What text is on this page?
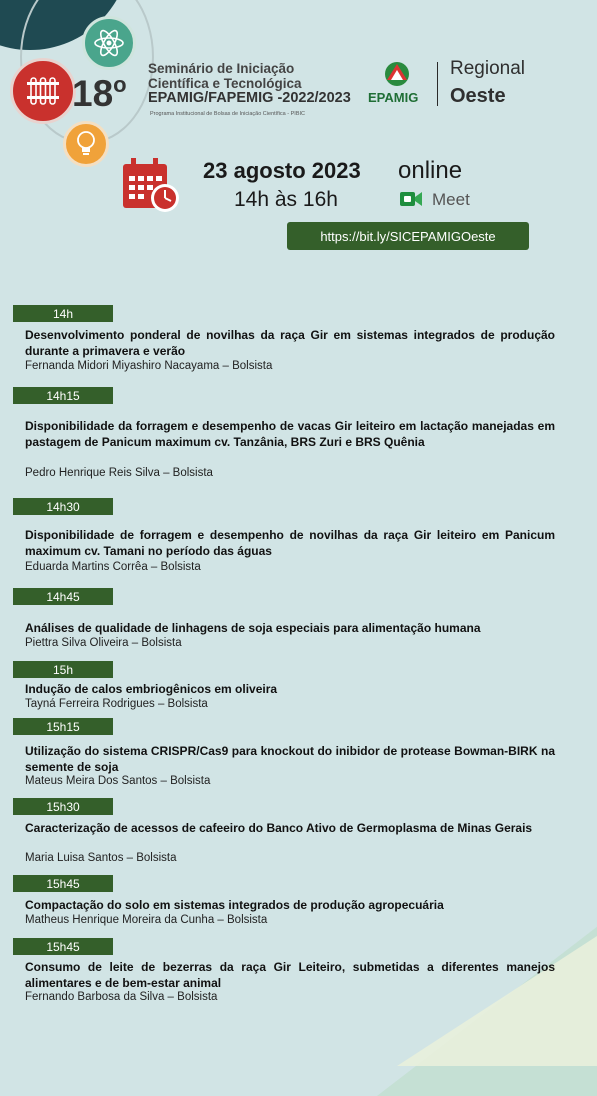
18$^o$
Seminário de Iniciação
Científica e Tecnológica
EPAMIG/FAPEMIG -2022/2023
Programa Institucional de Bolsas de Iniciação Científica - PIBIC
EPAMIG
Regional
Oeste
23 agosto 2023
14h às 16h
online
Meet
https://bit.ly/SICEPAMIGOeste
14h
Desenvolvimento ponderal de novilhas da raça Gir em sistemas integrados de produção durante a primavera e verão
Fernanda Midori Miyashiro Nacayama – Bolsista
14h15
Disponibilidade da forragem e desempenho de vacas Gir leiteiro em lactação manejadas em pastagem de Panicum maximum cv. Tanzânia, BRS Zuri e BRS Quênia
Pedro Henrique Reis Silva – Bolsista
14h30
Disponibilidade de forragem e desempenho de novilhas da raça Gir leiteiro em Panicum maximum cv. Tamani no período das águas
Eduarda Martins Corrêa – Bolsista
14h45
Análises de qualidade de linhagens de soja especiais para alimentação humana
Piettra Silva Oliveira – Bolsista
15h
Indução de calos embriogênicos em oliveira
Tayná Ferreira Rodrigues – Bolsista
15h15
Utilização do sistema CRISPR/Cas9 para knockout do inibidor de protease Bowman-BIRK na semente de soja
Mateus Meira Dos Santos – Bolsista
15h30
Caracterização de acessos de cafeeiro do Banco Ativo de Germoplasma de Minas Gerais
Maria Luisa Santos – Bolsista
15h45
Compactação do solo em sistemas integrados de produção agropecuária
Matheus Henrique Moreira da Cunha – Bolsista
15h45
Consumo de leite de bezerras da raça Gir Leiteiro, submetidas a diferentes manejos alimentares e de bem-estar animal
Fernando Barbosa da Silva – Bolsista
